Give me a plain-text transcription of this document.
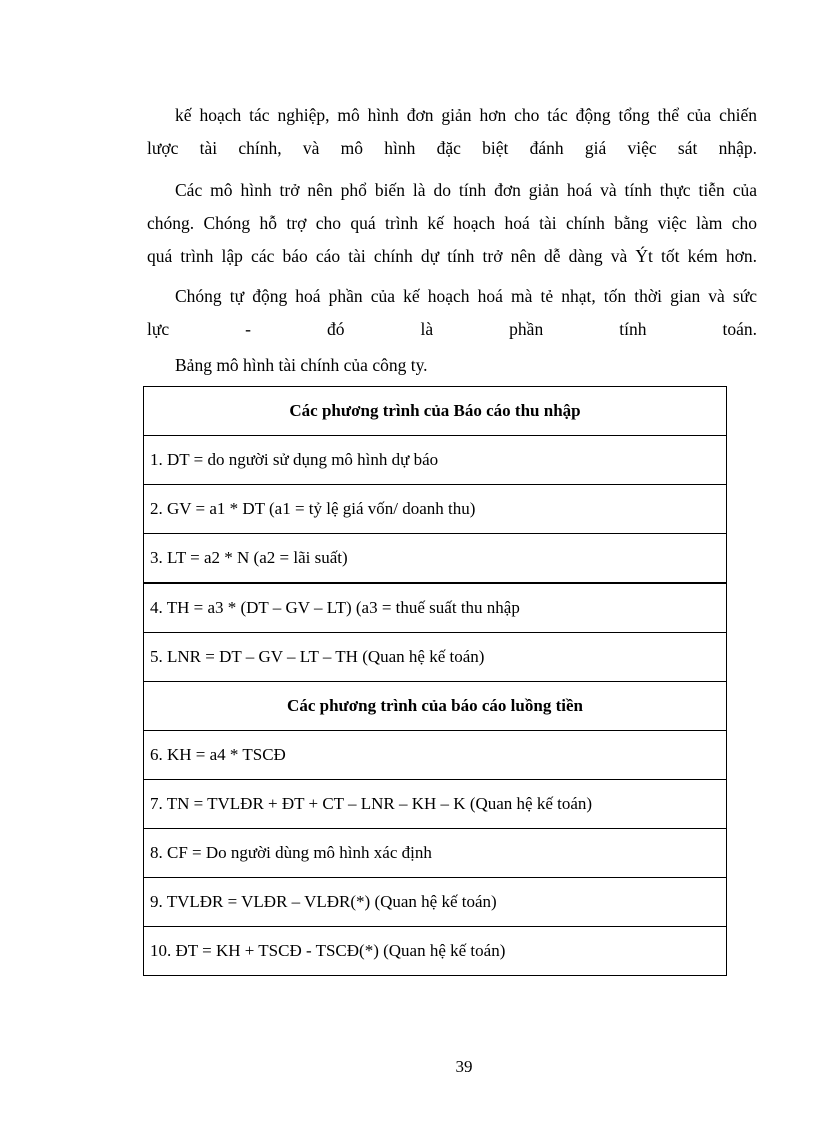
kế hoạch tác nghiệp, mô hình đơn giản hơn cho tác động tổng thể của chiến
lược tài chính, và mô hình đặc biệt đánh giá việc sát nhập.
Các mô hình trở nên phổ biến là do tính đơn giản hoá và tính thực tiễn của
chóng. Chóng hỗ trợ cho quá trình kế hoạch hoá tài chính bằng việc làm cho
quá trình lập các báo cáo tài chính dự tính trở nên dễ dàng và Ýt tốt kém hơn.
Chóng tự động hoá phần của kế hoạch hoá mà tẻ nhạt, tốn thời gian và sức
lực - đó là phần tính toán.

Bảng mô hình tài chính của công ty.

Các phương trình của Báo cáo thu nhập
1. DT = do người sử dụng mô hình dự báo
2. GV = a1 * DT (a1 = tỷ lệ giá vốn/ doanh thu)
3. LT = a2 * N (a2 = lãi suất)
4. TH = a3 * (DT – GV – LT) (a3 = thuế suất thu nhập
5. LNR = DT – GV – LT – TH (Quan hệ kế toán)
Các phương trình của báo cáo luồng tiền
6. KH = a4 * TSCĐ
7. TN = TVLĐR + ĐT + CT – LNR – KH – K (Quan hệ kế toán)
8. CF = Do người dùng mô hình xác định
9. TVLĐR = VLĐR – VLĐR(*) (Quan hệ kế toán)
10. ĐT = KH + TSCĐ - TSCĐ(*) (Quan hệ kế toán)
39
